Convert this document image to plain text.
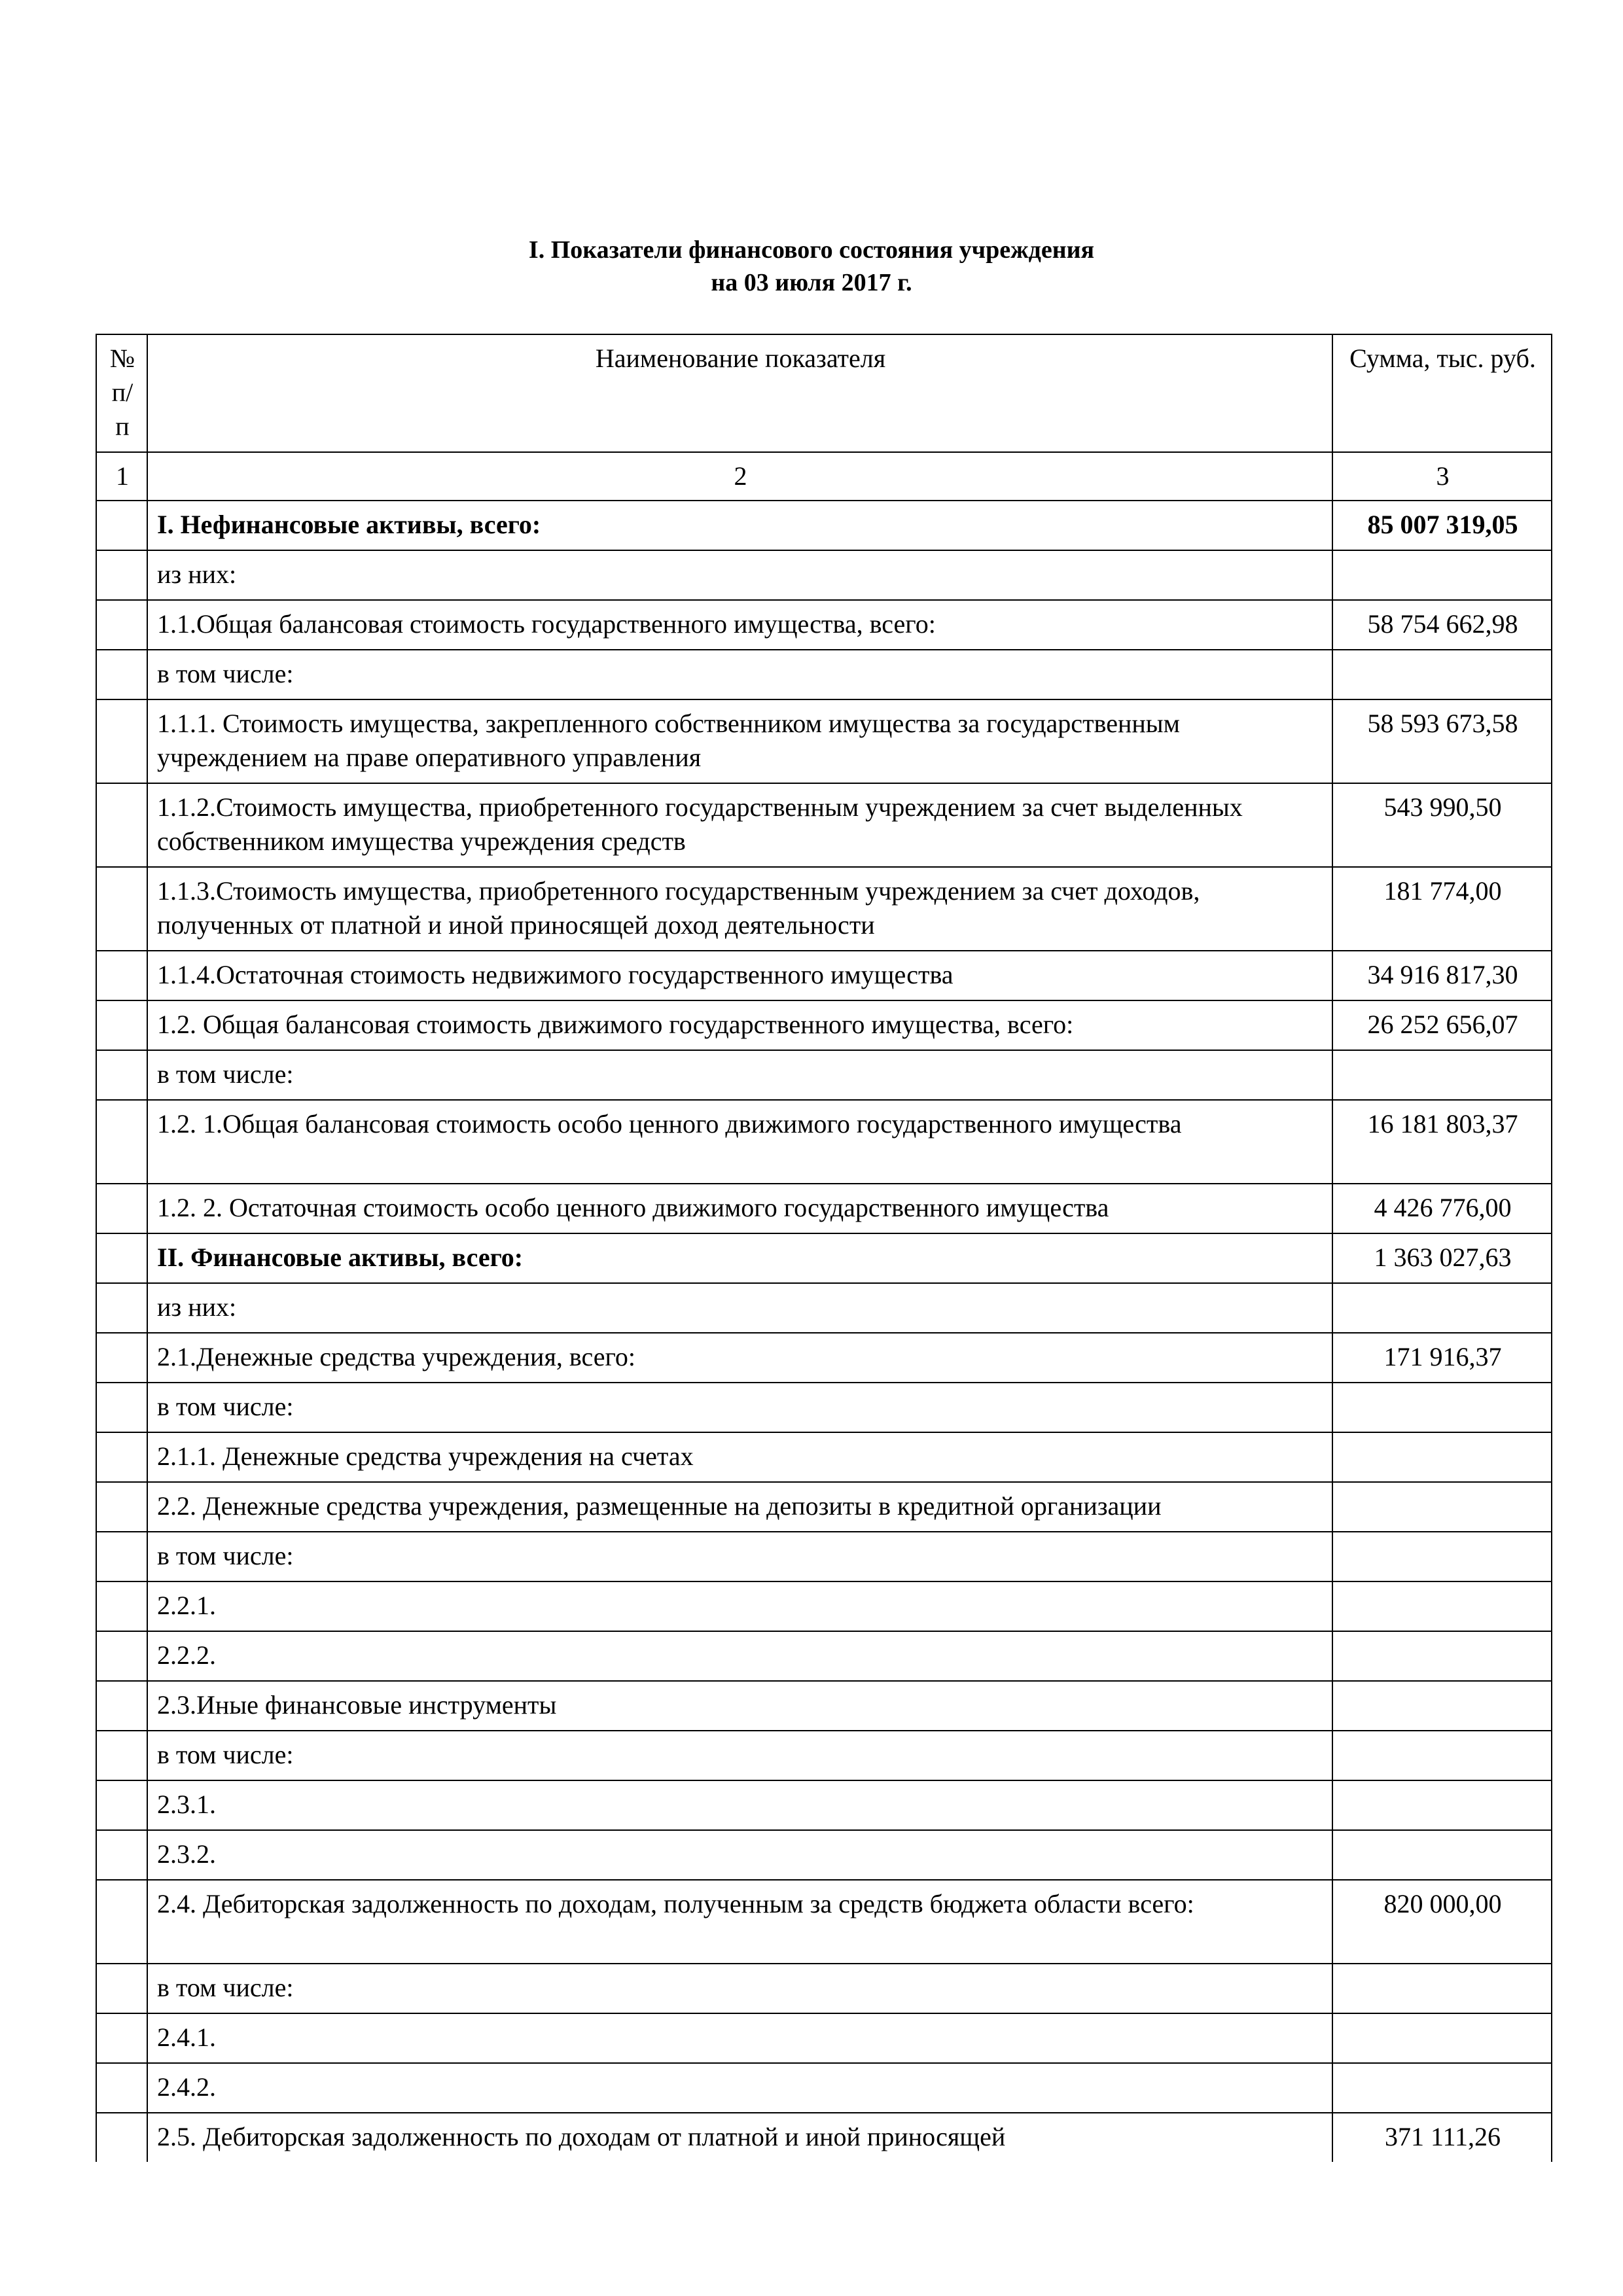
I. Показатели финансового состояния учреждения
на 03 июля 2017 г.
№ п/п	Наименование показателя	Сумма, тыс. руб.
1	2	3
	I. Нефинансовые активы, всего:	85 007 319,05
	из них:	
	1.1.Общая балансовая стоимость государственного имущества, всего:	58 754 662,98
	в том числе:	
	1.1.1. Стоимость имущества, закрепленного собственником имущества за государственным учреждением на праве оперативного управления	58 593 673,58
	1.1.2.Стоимость имущества, приобретенного государственным учреждением за счет выделенных собственником имущества учреждения средств	543 990,50
	1.1.3.Стоимость имущества, приобретенного государственным учреждением за счет доходов, полученных от платной и иной приносящей доход деятельности	181 774,00
	1.1.4.Остаточная стоимость недвижимого государственного имущества	34 916 817,30
	1.2. Общая балансовая стоимость движимого государственного имущества, всего:	26 252 656,07
	в том числе:	
	1.2. 1.Общая балансовая стоимость особо ценного движимого государственного имущества	16 181 803,37
	1.2. 2. Остаточная стоимость особо ценного движимого государственного имущества	4 426 776,00
	II. Финансовые активы, всего:	1 363 027,63
	из них:	
	2.1.Денежные средства учреждения, всего:	171 916,37
	в том числе:	
	2.1.1. Денежные средства учреждения на счетах	
	2.2. Денежные средства учреждения, размещенные на депозиты в кредитной организации	
	в том числе:	
	2.2.1.	
	2.2.2.	
	2.3.Иные финансовые инструменты	
	в том числе:	
	2.3.1.	
	2.3.2.	
	2.4. Дебиторская задолженность по доходам, полученным за средств бюджета области всего:	820 000,00
	в том числе:	
	2.4.1.	
	2.4.2.	
	2.5. Дебиторская задолженность по доходам от платной и иной приносящей	371 111,26
